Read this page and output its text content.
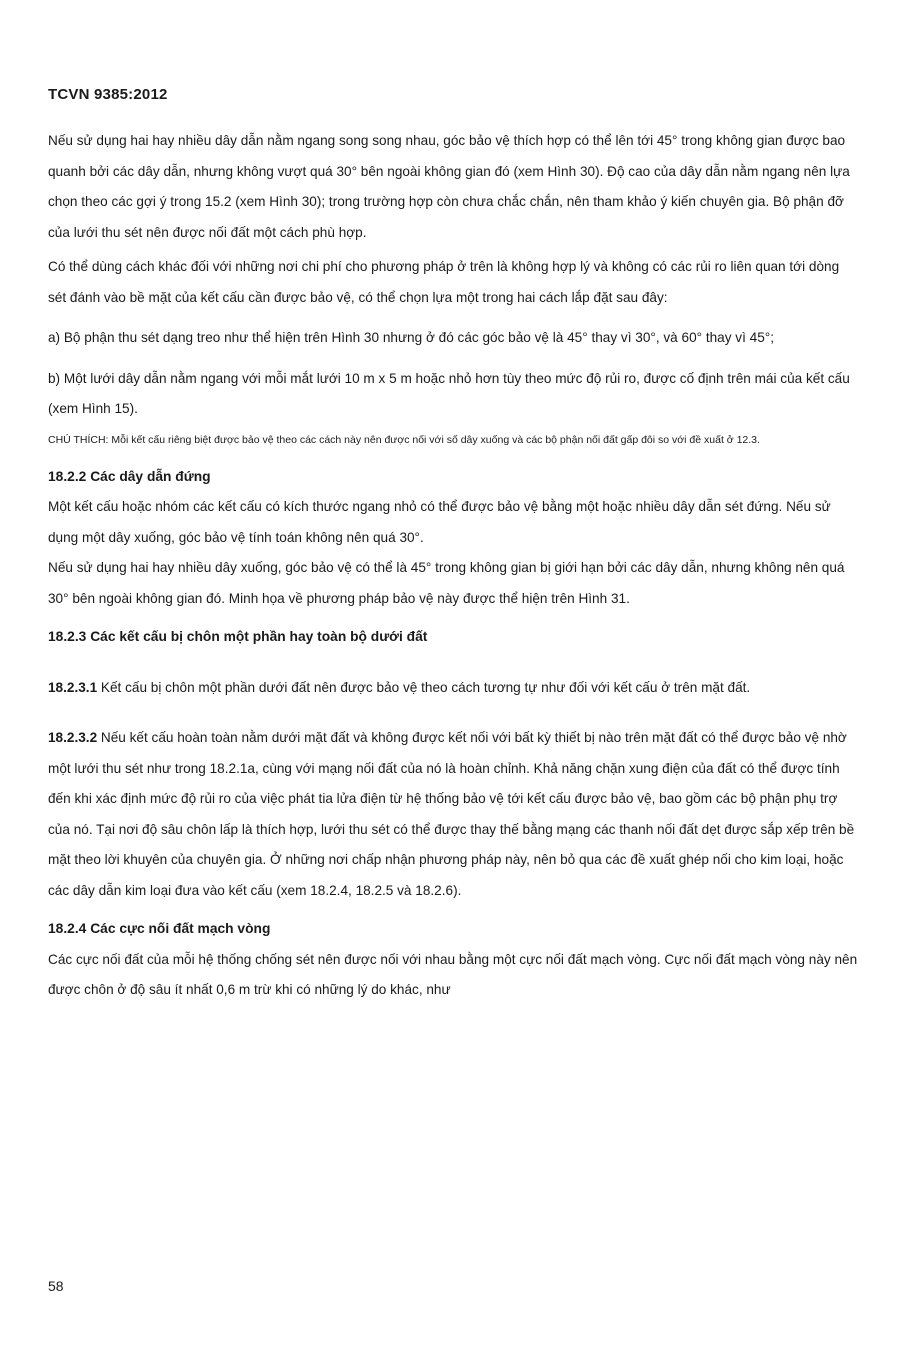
TCVN 9385:2012

Nếu sử dụng hai hay nhiều dây dẫn nằm ngang song song nhau, góc bảo vệ thích hợp có thể lên tới 45° trong không gian được bao quanh bởi các dây dẫn, nhưng không vượt quá 30° bên ngoài không gian đó (xem Hình 30). Độ cao của dây dẫn nằm ngang nên lựa chọn theo các gợi ý trong 15.2 (xem Hình 30); trong trường hợp còn chưa chắc chắn, nên tham khảo ý kiến chuyên gia. Bộ phận đỡ của lưới thu sét nên được nối đất một cách phù hợp.

Có thể dùng cách khác đối với những nơi chi phí cho phương pháp ở trên là không hợp lý và không có các rủi ro liên quan tới dòng sét đánh vào bề mặt của kết cấu cần được bảo vệ, có thể chọn lựa một trong hai cách lắp đặt sau đây:

a) Bộ phận thu sét dạng treo như thể hiện trên Hình 30 nhưng ở đó các góc bảo vệ là 45° thay vì 30°, và 60° thay vì 45°;

b) Một lưới dây dẫn nằm ngang với mỗi mắt lưới 10 m x 5 m hoặc nhỏ hơn tùy theo mức độ rủi ro, được cố định trên mái của kết cấu (xem Hình 15).

CHÚ THÍCH: Mỗi kết cấu riêng biệt được bảo vệ theo các cách này nên được nối với số dây xuống và các bộ phận nối đất gấp đôi so với đề xuất ở 12.3.

18.2.2 Các dây dẫn đứng

Một kết cấu hoặc nhóm các kết cấu có kích thước ngang nhỏ có thể được bảo vệ bằng một hoặc nhiều dây dẫn sét đứng. Nếu sử dụng một dây xuống, góc bảo vệ tính toán không nên quá 30°.

Nếu sử dụng hai hay nhiều dây xuống, góc bảo vệ có thể là 45° trong không gian bị giới hạn bởi các dây dẫn, nhưng không nên quá 30° bên ngoài không gian đó. Minh họa về phương pháp bảo vệ này được thể hiện trên Hình 31.

18.2.3 Các kết cấu bị chôn một phần hay toàn bộ dưới đất

18.2.3.1 Kết cấu bị chôn một phần dưới đất nên được bảo vệ theo cách tương tự như đối với kết cấu ở trên mặt đất.

18.2.3.2 Nếu kết cấu hoàn toàn nằm dưới mặt đất và không được kết nối với bất kỳ thiết bị nào trên mặt đất có thể được bảo vệ nhờ một lưới thu sét như trong 18.2.1a, cùng với mạng nối đất của nó là hoàn chỉnh. Khả năng chặn xung điện của đất có thể được tính đến khi xác định mức độ rủi ro của việc phát tia lửa điện từ hệ thống bảo vệ tới kết cấu được bảo vệ, bao gồm các bộ phận phụ trợ của nó. Tại nơi độ sâu chôn lấp là thích hợp, lưới thu sét có thể được thay thế bằng mạng các thanh nối đất dẹt được sắp xếp trên bề mặt theo lời khuyên của chuyên gia. Ở những nơi chấp nhận phương pháp này, nên bỏ qua các đề xuất ghép nối cho kim loại, hoặc các dây dẫn kim loại đưa vào kết cấu (xem 18.2.4, 18.2.5 và 18.2.6).

18.2.4 Các cực nối đất mạch vòng

Các cực nối đất của mỗi hệ thống chống sét nên được nối với nhau bằng một cực nối đất mạch vòng. Cực nối đất mạch vòng này nên được chôn ở độ sâu ít nhất 0,6 m trừ khi có những lý do khác, như

58
